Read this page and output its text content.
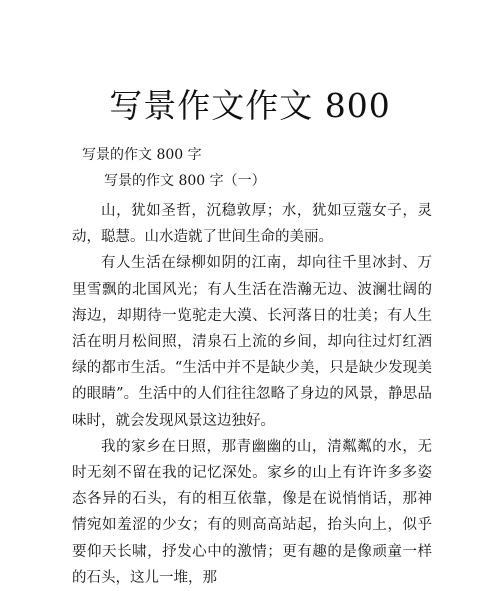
写景作文作文 800

写景的作文 800 字

写景的作文 800 字（一）

山，犹如圣哲，沉稳敦厚；水，犹如豆蔻女子，灵动，聪慧。山水造就了世间生命的美丽。

有人生活在绿柳如阴的江南，却向往千里冰封、万里雪飘的北国风光；有人生活在浩瀚无边、波澜壮阔的海边，却期待一览驼走大漠、长河落日的壮美；有人生活在明月松间照，清泉石上流的乡间，却向往过灯红酒绿的都市生活。“生活中并不是缺少美，只是缺少发现美的眼睛”。生活中的人们往往忽略了身边的风景，静思品味时，就会发现风景这边独好。

我的家乡在日照，那青幽幽的山，清粼粼的水，无时无刻不留在我的记忆深处。家乡的山上有许许多多姿态各异的石头，有的相互依靠，像是在说悄悄话，那神情宛如羞涩的少女；有的则高高站起，抬头向上，似乎要仰天长啸，抒发心中的激情；更有趣的是像顽童一样的石头，这儿一堆，那
